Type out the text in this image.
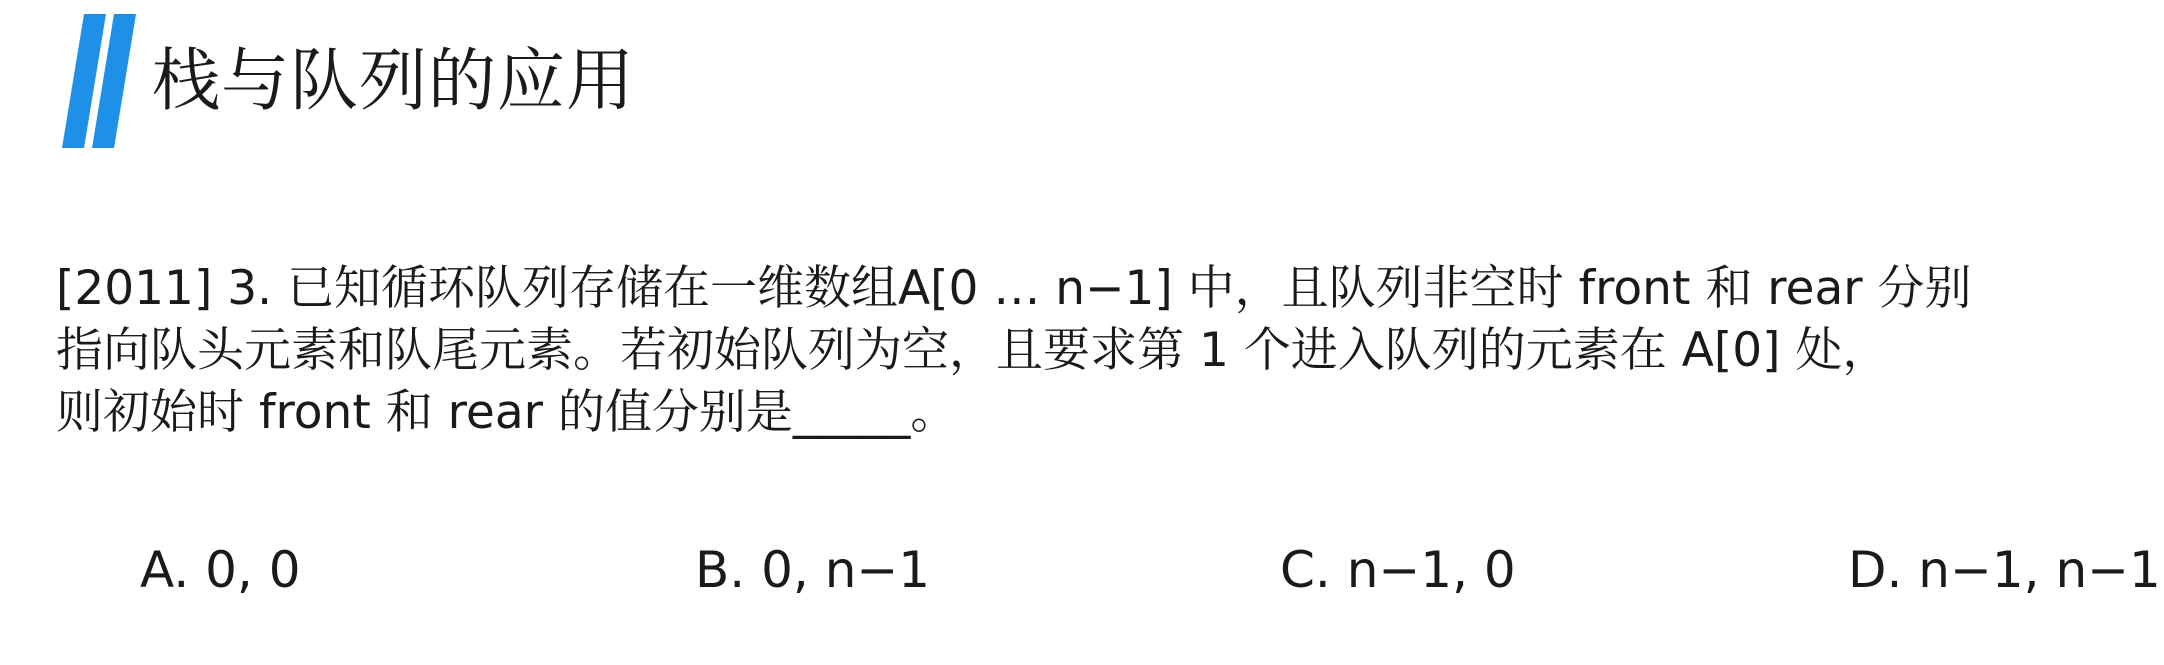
栈与队列的应用
[2011] 3. 已知循环队列存储在一维数组A[0 … n−1] 中，且队列非空时 front 和 rear 分别
指向队头元素和队尾元素。若初始队列为空，且要求第 1 个进入队列的元素在 A[0] 处，
则初始时 front 和 rear 的值分别是_____。
A. 0, 0	B. 0, n−1	C. n−1, 0	D. n−1, n−1
